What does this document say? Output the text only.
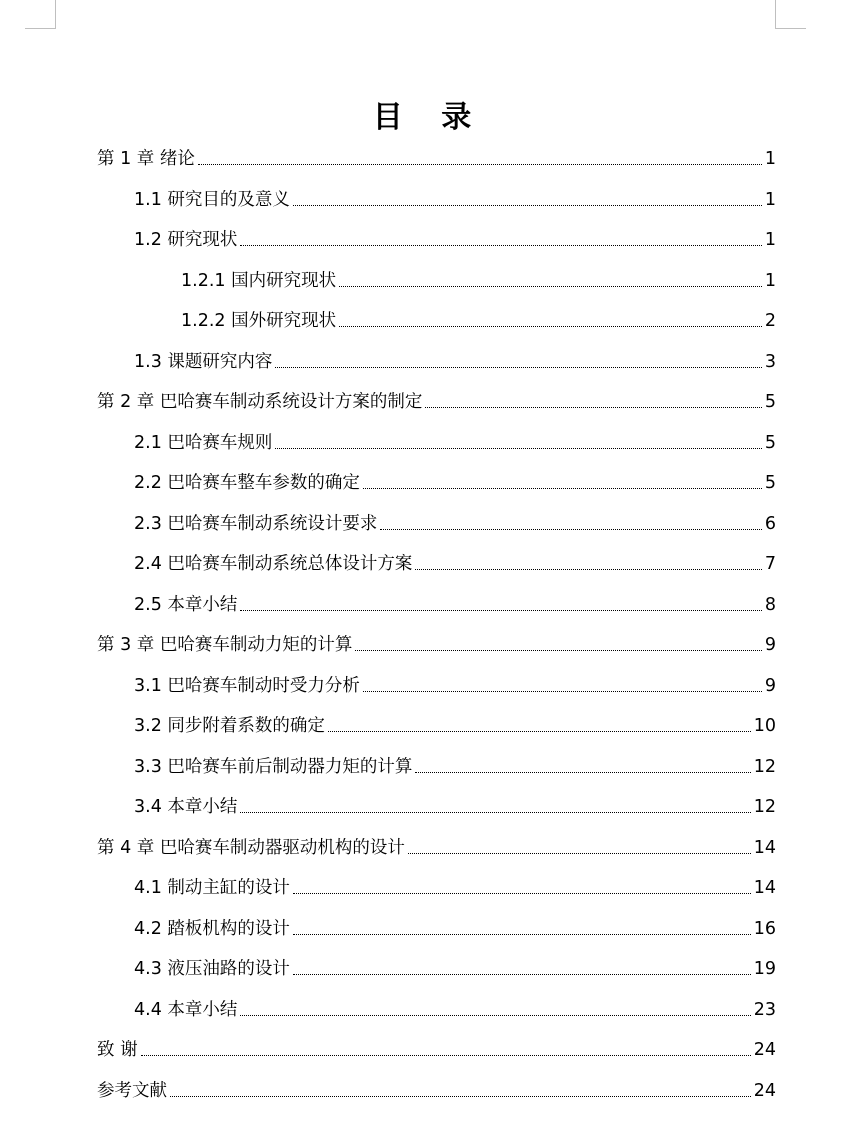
目 录
第 1 章 绪论	1
1.1 研究目的及意义	1
1.2 研究现状	1
1.2.1 国内研究现状	1
1.2.2 国外研究现状	2
1.3 课题研究内容	3
第 2 章 巴哈赛车制动系统设计方案的制定	5
2.1 巴哈赛车规则	5
2.2 巴哈赛车整车参数的确定	5
2.3 巴哈赛车制动系统设计要求	6
2.4 巴哈赛车制动系统总体设计方案	7
2.5 本章小结	8
第 3 章 巴哈赛车制动力矩的计算	9
3.1 巴哈赛车制动时受力分析	9
3.2 同步附着系数的确定	10
3.3 巴哈赛车前后制动器力矩的计算	12
3.4 本章小结	12
第 4 章 巴哈赛车制动器驱动机构的设计	14
4.1 制动主缸的设计	14
4.2 踏板机构的设计	16
4.3 液压油路的设计	19
4.4 本章小结	23
致 谢	24
参考文献	24
